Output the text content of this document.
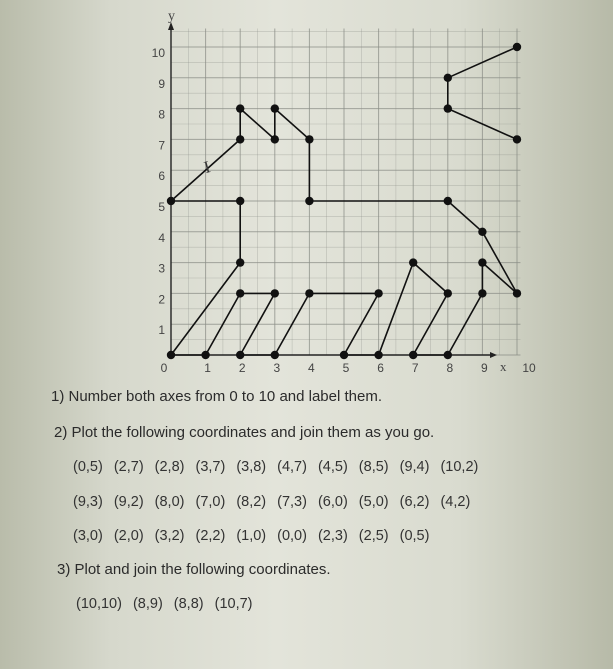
0	1 2 3 4 5 6 7 8 9	10
1
2
3
4
5
6
7
8
9
10
y
x
I
1) Number both axes from 0 to 10 and label them.
2) Plot the following coordinates and join them as you go.
(0,5) (2,7) (2,8) (3,7) (3,8) (4,7) (4,5) (8,5) (9,4) (10,2)
(9,3) (9,2) (8,0) (7,0) (8,2) (7,3) (6,0) (5,0) (6,2) (4,2)
(3,0) (2,0) (3,2) (2,2) (1,0) (0,0) (2,3) (2,5) (0,5)
3) Plot and join the following coordinates.
(10,10) (8,9) (8,8) (10,7)
